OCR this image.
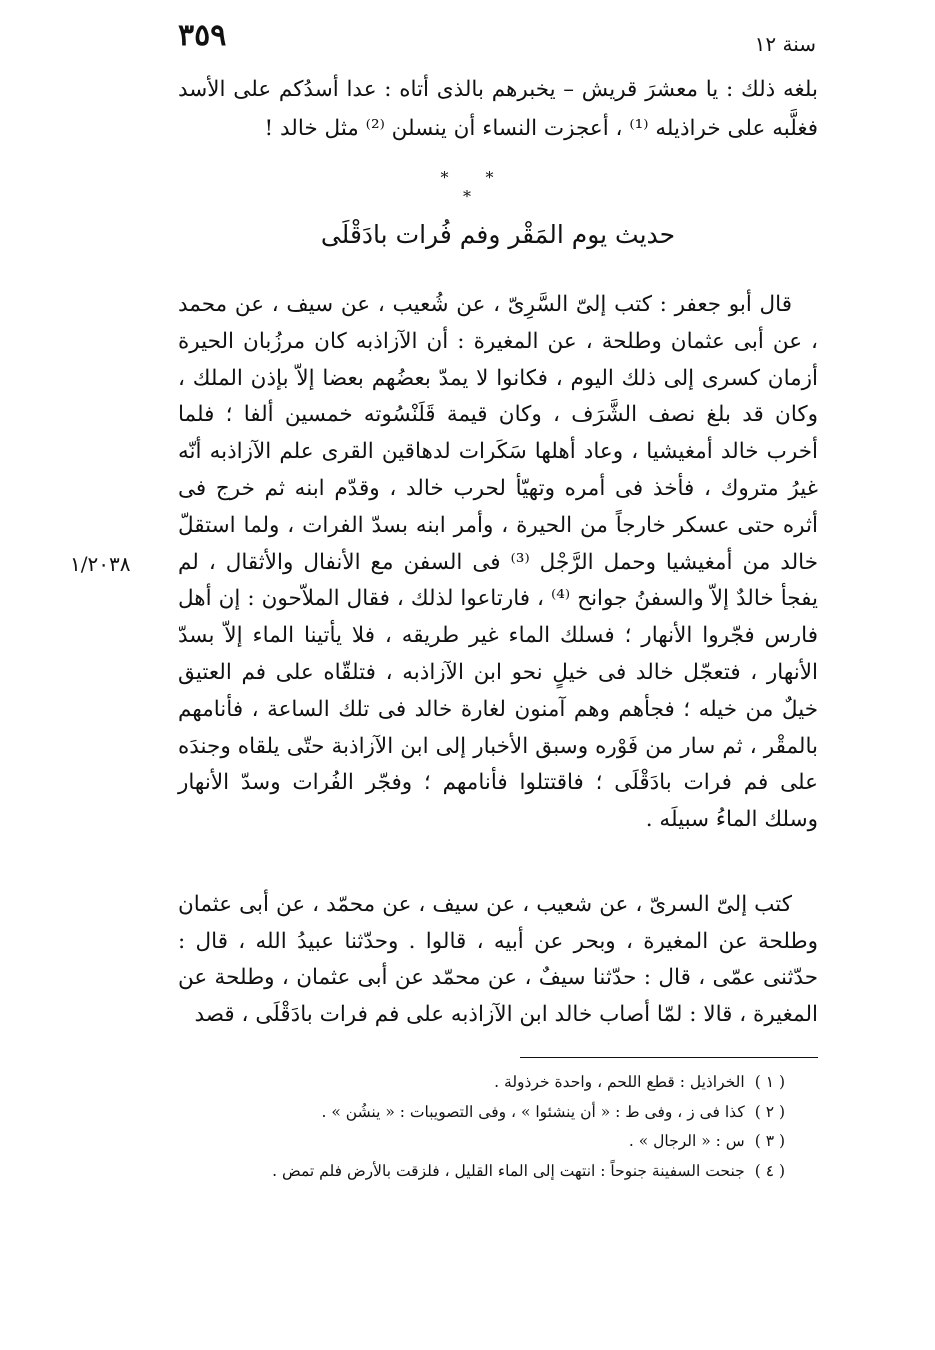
٣٥٩	سنة ١٢
بلغه ذلك : يا معشرَ قريش – يخبرهم بالذى أتاه : عدا أسدُكم على الأسد فغلَّبه على خراذيله ⁽¹⁾ ، أعجزت النساء أن ينسلن ⁽²⁾ مثل خالد !
* * *
حديث يوم المَقْر وفم فُرات بادَقْلَى
قال أبو جعفر : كتب إلىّ السَّرِىّ ، عن شُعيب ، عن سيف ، عن محمد ، عن أبى عثمان وطلحة ، عن المغيرة : أن الآزاذبه كان مرزُبان الحيرة أزمان كسرى إلى ذلك اليوم ، فكانوا لا يمدّ بعضُهم بعضا إلاّ بإذن الملك ، وكان قد بلغ نصف الشَّرَف ، وكان قيمة قَلَنْسُوته خمسين ألفا ؛ فلما أخرب خالد أمغيشيا ، وعاد أهلها سَكَرات لدهاقين القرى علم الآزاذبه أنّه غيرُ متروك ، فأخذ فى أمره وتهيّأ لحرب خالد ، وقدّم ابنه ثم خرج فى أثره حتى عسكر خارجاً من الحيرة ، وأمر ابنه بسدّ الفرات ، ولما استقلّ خالد من أمغيشيا وحمل الرَّجْل ⁽³⁾ فى السفن مع الأنفال والأثقال ، لم يفجأ خالدٌ إلاّ والسفنُ جوانح ⁽⁴⁾ ، فارتاعوا لذلك ، فقال الملاّحون : إن أهل فارس فجّروا الأنهار ؛ فسلك الماء غير طريقه ، فلا يأتينا الماء إلاّ بسدّ الأنهار ، فتعجّل خالد فى خيلٍ نحو ابن الآزاذبه ، فتلقّاه على فم العتيق خيلٌ من خيله ؛ فجأهم وهم آمنون لغارة خالد فى تلك الساعة ، فأنامهم بالمقْر ، ثم سار من فَوْره وسبق الأخبار إلى ابن الآزاذبة حتّى يلقاه وجندَه على فم فرات بادَقْلَى ؛ فاقتتلوا فأنامهم ؛ وفجّر الفُرات وسدّ الأنهار وسلك الماءُ سبيلَه .
١/٢٠٣٨
كتب إلىّ السرىّ ، عن شعيب ، عن سيف ، عن محمّد ، عن أبى عثمان وطلحة عن المغيرة ، وبحر عن أبيه ، قالوا . وحدّثنا عبيدُ الله ، قال : حدّثنى عمّى ، قال : حدّثنا سيفٌ ، عن محمّد عن أبى عثمان ، وطلحة عن المغيرة ، قالا : لمّا أصاب خالد ابن الآزاذبه على فم فرات بادَقْلَى ، قصد
( ١ )الخراذيل : قطع اللحم ، واحدة خرذولة .
( ٢ )كذا فى ز ، وفى ط : « أن ينشئوا » ، وفى التصويبات : « ينشُن » .
( ٣ )س : « الرجال » .
( ٤ )جنحت السفينة جنوحاً : انتهت إلى الماء القليل ، فلزقت بالأرض فلم تمض .
